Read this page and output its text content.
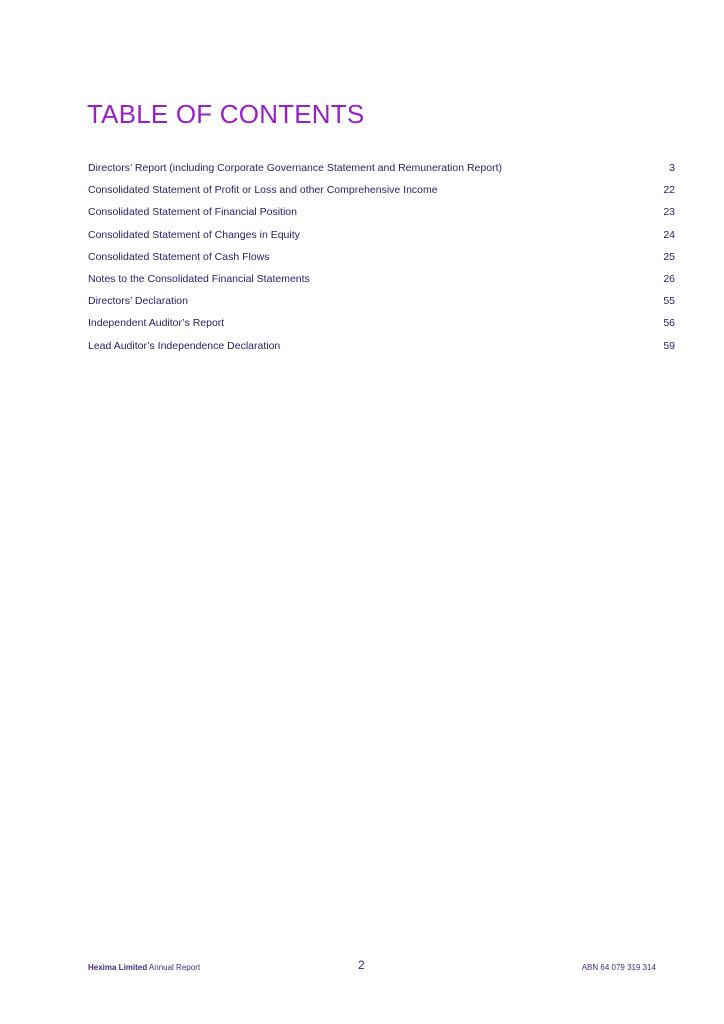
TABLE OF CONTENTS
Directors’ Report (including Corporate Governance Statement and Remuneration Report)	3
Consolidated Statement of Profit or Loss and other Comprehensive Income	22
Consolidated Statement of Financial Position	23
Consolidated Statement of Changes in Equity	24
Consolidated Statement of Cash Flows	25
Notes to the Consolidated Financial Statements	26
Directors’ Declaration	55
Independent Auditor’s Report	56
Lead Auditor’s Independence Declaration	59
Hexima Limited Annual Report	2	ABN 64 079 319 314
